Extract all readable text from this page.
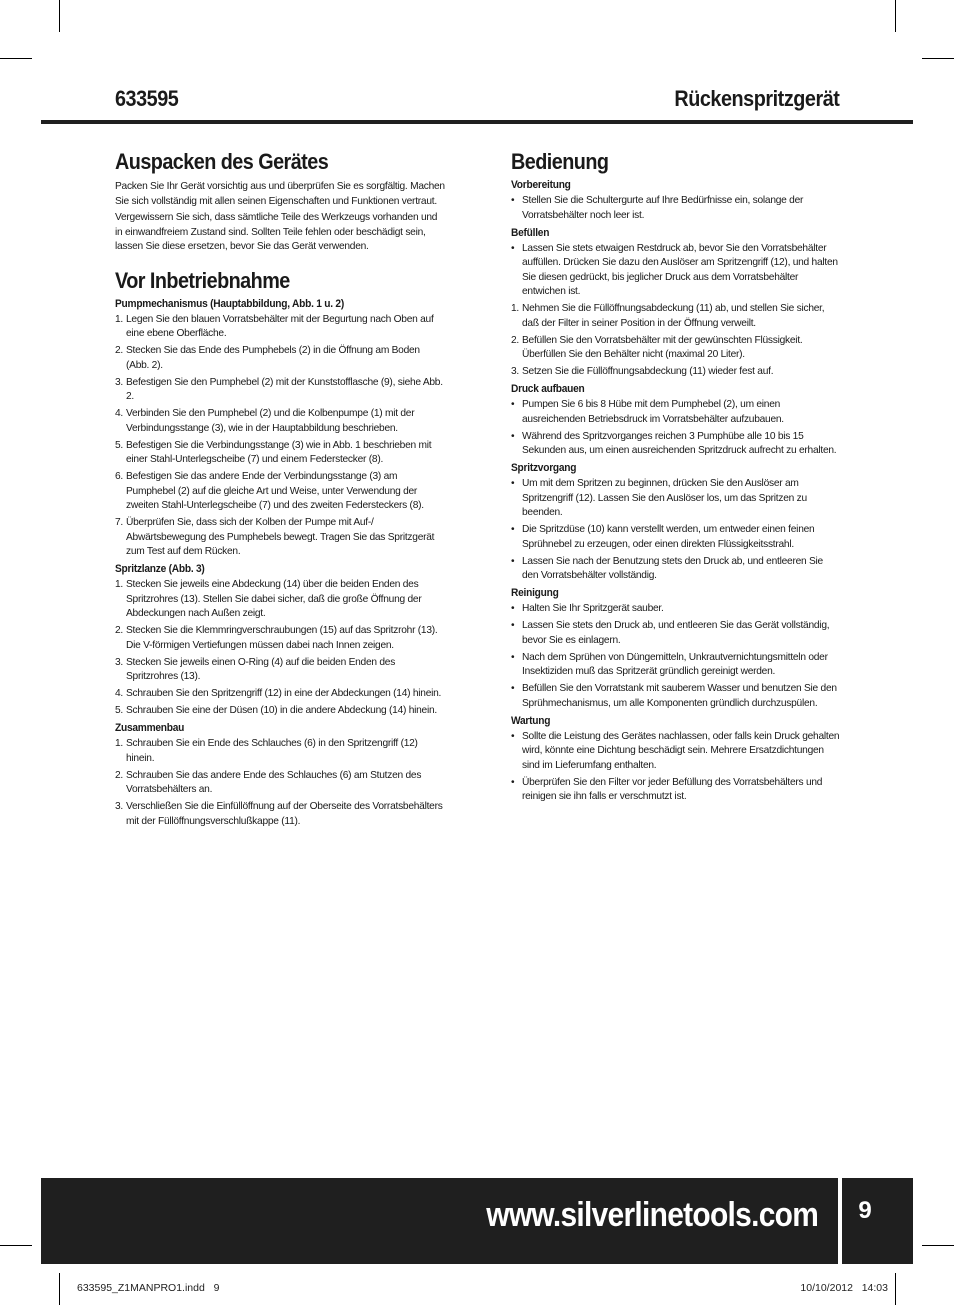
633595	Rückenspritzgerät
Auspacken des Gerätes

Packen Sie Ihr Gerät vorsichtig aus und überprüfen Sie es sorgfältig. Machen Sie sich vollständig mit allen seinen Eigenschaften und Funktionen vertraut.

Vergewissern Sie sich, dass sämtliche Teile des Werkzeugs vorhanden und in einwandfreiem Zustand sind. Sollten Teile fehlen oder beschädigt sein, lassen Sie diese ersetzen, bevor Sie das Gerät verwenden.

Vor Inbetriebnahme
Pumpmechanismus (Hauptabbildung, Abb. 1 u. 2)
1. Legen Sie den blauen Vorratsbehälter mit der Begurtung nach Oben auf eine ebene Oberfläche.
2. Stecken Sie das Ende des Pumphebels (2) in die Öffnung am Boden (Abb. 2).
3. Befestigen Sie den Pumphebel (2) mit der Kunststofflasche (9), siehe Abb. 2.
4. Verbinden Sie den Pumphebel (2) und die Kolbenpumpe (1) mit der Verbindungsstange (3), wie in der Hauptabbildung beschrieben.
5. Befestigen Sie die Verbindungsstange (3) wie in Abb. 1 beschrieben mit einer Stahl-Unterlegscheibe (7) und einem Federstecker (8).
6. Befestigen Sie das andere Ende der Verbindungsstange (3) am Pumphebel (2) auf die gleiche Art und Weise, unter Verwendung der zweiten Stahl-Unterlegscheibe (7) und des zweiten Federsteckers (8).
7. Überprüfen Sie, dass sich der Kolben der Pumpe mit Auf-/ Abwärtsbewegung des Pumphebels bewegt. Tragen Sie das Spritzgerät zum Test auf dem Rücken.
Spritzlanze (Abb. 3)
1. Stecken Sie jeweils eine Abdeckung (14) über die beiden Enden des Spritzrohres (13). Stellen Sie dabei sicher, daß die große Öffnung der Abdeckungen nach Außen zeigt.
2. Stecken Sie die Klemmringverschraubungen (15) auf das Spritzrohr (13). Die V-förmigen Vertiefungen müssen dabei nach Innen zeigen.
3. Stecken Sie jeweils einen O-Ring (4) auf die beiden Enden des Spritzrohres (13).
4. Schrauben Sie den Spritzengriff (12) in eine der Abdeckungen (14) hinein.
5. Schrauben Sie eine der Düsen (10) in die andere Abdeckung (14) hinein.
Zusammenbau
1. Schrauben Sie ein Ende des Schlauches (6) in den Spritzengriff (12) hinein.
2. Schrauben Sie das andere Ende des Schlauches (6) am Stutzen des Vorratsbehälters an.
3. Verschließen Sie die Einfüllöffnung auf der Oberseite des Vorratsbehälters mit der Füllöffnungsverschlußkappe (11).
Bedienung
Vorbereitung
• Stellen Sie die Schultergurte auf Ihre Bedürfnisse ein, solange der Vorratsbehälter noch leer ist.
Befüllen
• Lassen Sie stets etwaigen Restdruck ab, bevor Sie den Vorratsbehälter auffüllen. Drücken Sie dazu den Auslöser am Spritzengriff (12), und halten Sie diesen gedrückt, bis jeglicher Druck aus dem Vorratsbehälter entwichen ist.
1. Nehmen Sie die Füllöffnungsabdeckung (11) ab, und stellen Sie sicher, daß der Filter in seiner Position in der Öffnung verweilt.
2. Befüllen Sie den Vorratsbehälter mit der gewünschten Flüssigkeit. Überfüllen Sie den Behälter nicht (maximal 20 Liter).
3. Setzen Sie die Füllöffnungsabdeckung (11) wieder fest auf.
Druck aufbauen
• Pumpen Sie 6 bis 8 Hübe mit dem Pumphebel (2), um einen ausreichenden Betriebsdruck im Vorratsbehälter aufzubauen.
• Während des Spritzvorganges reichen 3 Pumphübe alle 10 bis 15 Sekunden aus, um einen ausreichenden Spritzdruck aufrecht zu erhalten.
Spritzvorgang
• Um mit dem Spritzen zu beginnen, drücken Sie den Auslöser am Spritzengriff (12). Lassen Sie den Auslöser los, um das Spritzen zu beenden.
• Die Spritzdüse (10) kann verstellt werden, um entweder einen feinen Sprühnebel zu erzeugen, oder einen direkten Flüssigkeitsstrahl.
• Lassen Sie nach der Benutzung stets den Druck ab, und entleeren Sie den Vorratsbehälter vollständig.
Reinigung
• Halten Sie Ihr Spritzgerät sauber.
• Lassen Sie stets den Druck ab, und entleeren Sie das Gerät vollständig, bevor Sie es einlagern.
• Nach dem Sprühen von Düngemitteln, Unkrautvernichtungsmitteln oder Insektiziden muß das Spritzerät gründlich gereinigt werden.
• Befüllen Sie den Vorratstank mit sauberem Wasser und benutzen Sie den Sprühmechanismus, um alle Komponenten gründlich durchzuspülen.
Wartung
• Sollte die Leistung des Gerätes nachlassen, oder falls kein Druck gehalten wird, könnte eine Dichtung beschädigt sein. Mehrere Ersatzdichtungen sind im Lieferumfang enthalten.
• Überprüfen Sie den Filter vor jeder Befüllung des Vorratsbehälters und reinigen sie ihn falls er verschmutzt ist.
www.silverlinetools.com	9
633595_Z1MANPRO1.indd   9	10/10/2012   14:03
